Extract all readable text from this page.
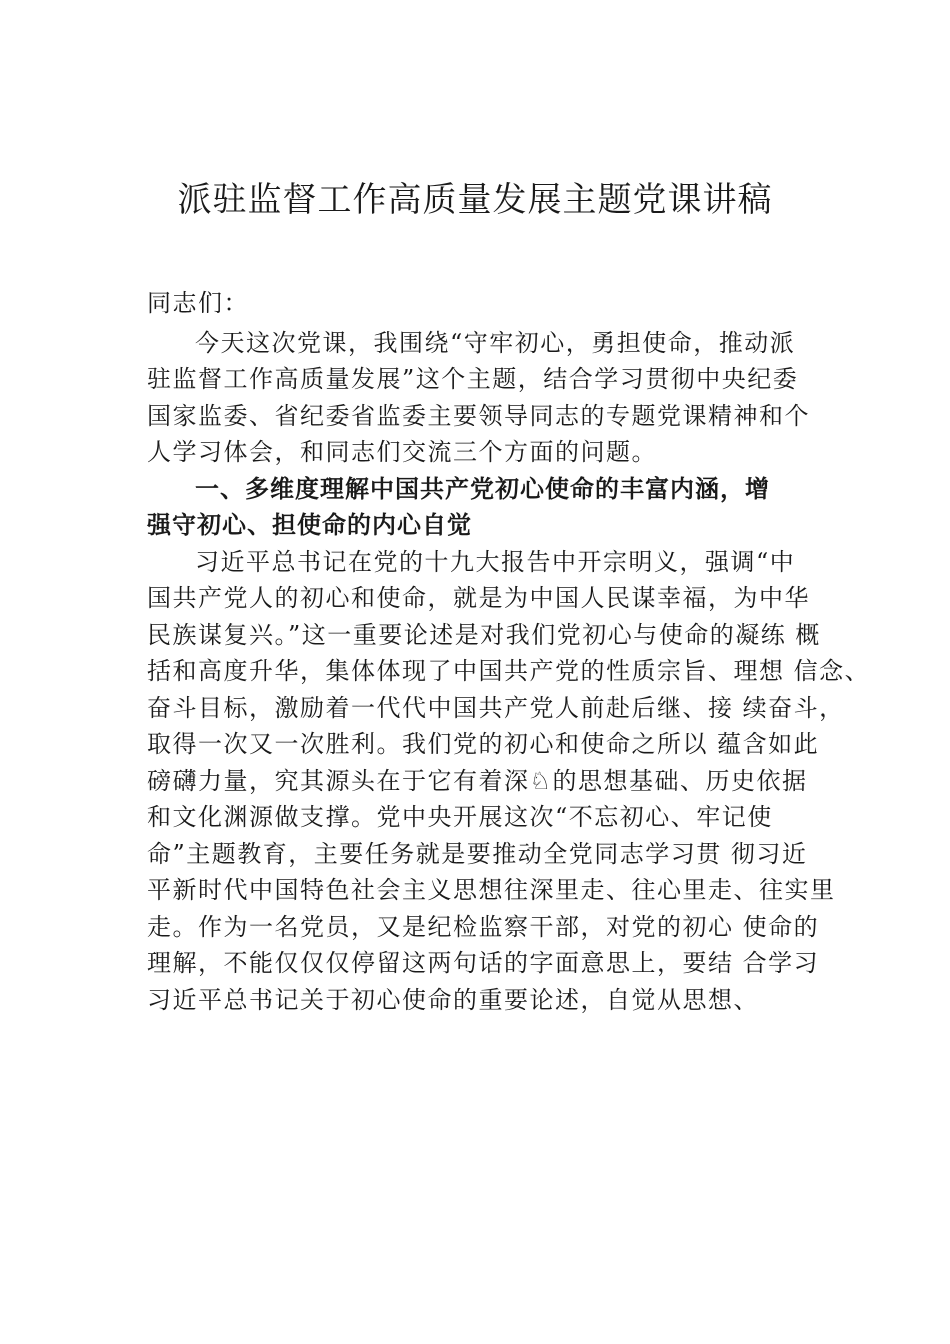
派驻监督工作高质量发展主题党课讲稿
同志们：
今天这次党课，我围绕“守牢初心，勇担使命，推动派
驻监督工作高质量发展”这个主题，结合学习贯彻中央纪委
国家监委、省纪委省监委主要领导同志的专题党课精神和个
人学习体会，和同志们交流三个方面的问题。
一、多维度理解中国共产党初心使命的丰富内涵，增
强守初心、担使命的内心自觉
习近平总书记在党的十九大报告中开宗明义，强调“中
国共产党人的初心和使命，就是为中国人民谋幸福，为中华
民族谋复兴。”这一重要论述是对我们党初心与使命的凝练 概
括和高度升华，集体体现了中国共产党的性质宗旨、理想 信念、
奋斗目标，激励着一代代中国共产党人前赴后继、接 续奋斗，
取得一次又一次胜利。我们党的初心和使命之所以 蕴含如此
磅礴力量，究其源头在于它有着深♘的思想基础、历史依据
和文化渊源做支撑。党中央开展这次“不忘初心、牢记使
命”主题教育，主要任务就是要推动全党同志学习贯 彻习近
平新时代中国特色社会主义思想往深里走、往心里走、往实里
走。作为一名党员，又是纪检监察干部，对党的初心 使命的
理解，不能仅仅仅停留这两句话的字面意思上，要结 合学习
习近平总书记关于初心使命的重要论述，自觉从思想、
